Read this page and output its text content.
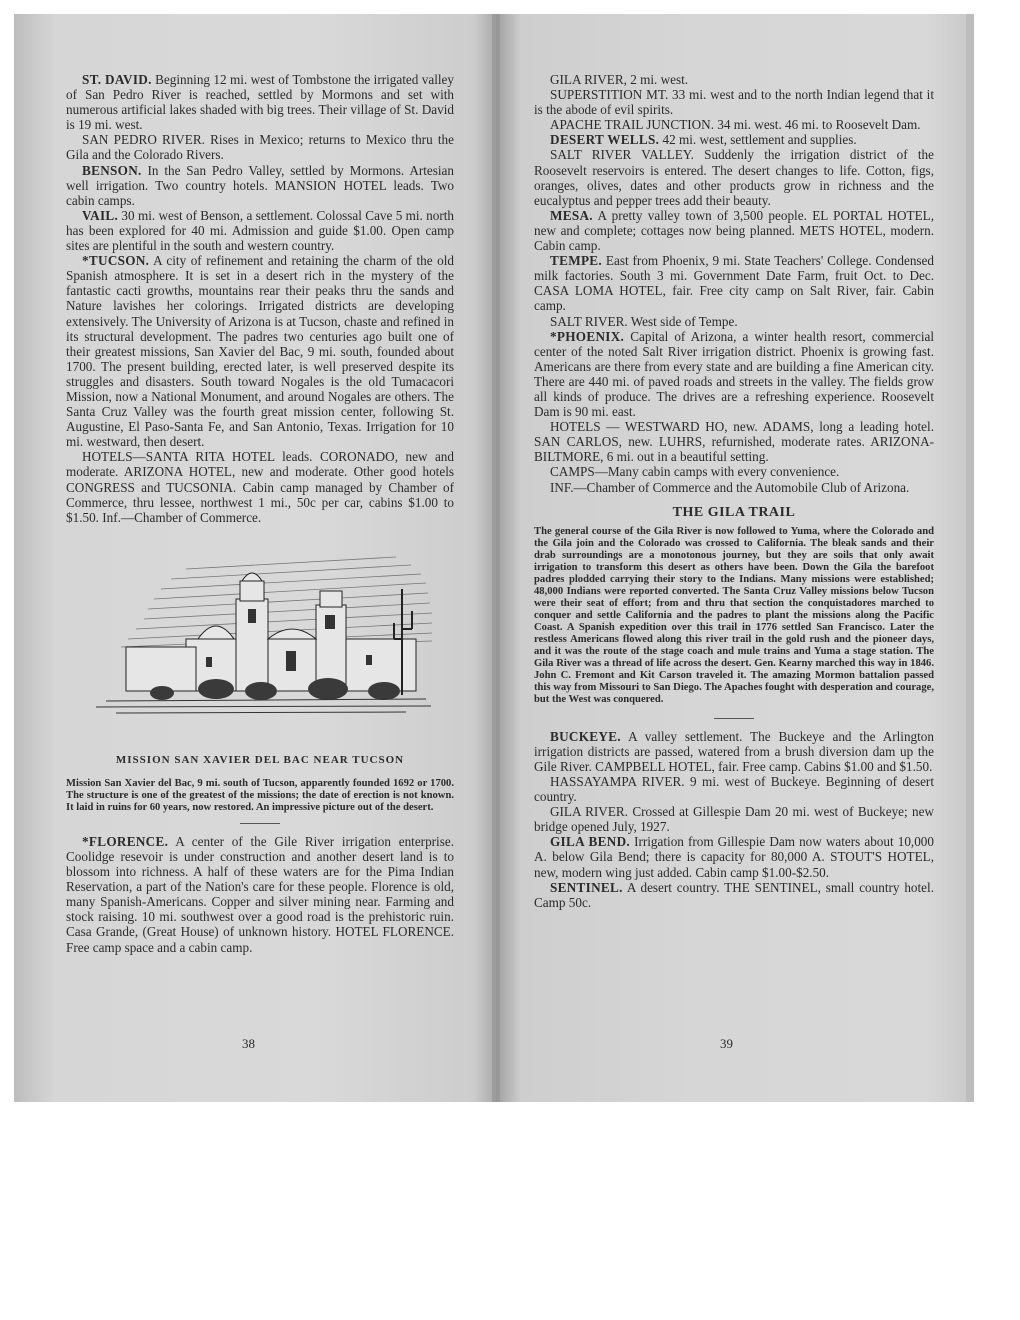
ST. DAVID. Beginning 12 mi. west of Tombstone the irrigated valley of San Pedro River is reached, settled by Mormons and set with numerous artificial lakes shaded with big trees. Their village of St. David is 19 mi. west.

SAN PEDRO RIVER. Rises in Mexico; returns to Mexico thru the Gila and the Colorado Rivers.

BENSON. In the San Pedro Valley, settled by Mormons. Artesian well irrigation. Two country hotels. MANSION HOTEL leads. Two cabin camps.

VAIL. 30 mi. west of Benson, a settlement. Colossal Cave 5 mi. north has been explored for 40 mi. Admission and guide $1.00. Open camp sites are plentiful in the south and western country.

*TUCSON. A city of refinement and retaining the charm of the old Spanish atmosphere. It is set in a desert rich in the mystery of the fantastic cacti growths, mountains rear their peaks thru the sands and Nature lavishes her colorings. Irrigated districts are developing extensively. The University of Arizona is at Tucson, chaste and refined in its structural development. The padres two centuries ago built one of their greatest missions, San Xavier del Bac, 9 mi. south, founded about 1700. The present building, erected later, is well preserved despite its struggles and disasters. South toward Nogales is the old Tumacacori Mission, now a National Monument, and around Nogales are others. The Santa Cruz Valley was the fourth great mission center, following St. Augustine, El Paso-Santa Fe, and San Antonio, Texas. Irrigation for 10 mi. westward, then desert.

HOTELS—SANTA RITA HOTEL leads. CORONADO, new and moderate. ARIZONA HOTEL, new and moderate. Other good hotels CONGRESS and TUCSONIA. Cabin camp managed by Chamber of Commerce, thru lessee, northwest 1 mi., 50c per car, cabins $1.00 to $1.50. Inf.—Chamber of Commerce.

MISSION SAN XAVIER DEL BAC NEAR TUCSON

Mission San Xavier del Bac, 9 mi. south of Tucson, apparently founded 1692 or 1700. The structure is one of the greatest of the missions; the date of erection is not known. It laid in ruins for 60 years, now restored. An impressive picture out of the desert.

*FLORENCE. A center of the Gile River irrigation enterprise. Coolidge resevoir is under construction and another desert land is to blossom into richness. A half of these waters are for the Pima Indian Reservation, a part of the Nation's care for these people. Florence is old, many Spanish-Americans. Copper and silver mining near. Farming and stock raising. 10 mi. southwest over a good road is the prehistoric ruin. Casa Grande, (Great House) of unknown history. HOTEL FLORENCE. Free camp space and a cabin camp.

38

GILA RIVER, 2 mi. west.

SUPERSTITION MT. 33 mi. west and to the north Indian legend that it is the abode of evil spirits.

APACHE TRAIL JUNCTION. 34 mi. west. 46 mi. to Roosevelt Dam.

DESERT WELLS. 42 mi. west, settlement and supplies.

SALT RIVER VALLEY. Suddenly the irrigation district of the Roosevelt reservoirs is entered. The desert changes to life. Cotton, figs, oranges, olives, dates and other products grow in richness and the eucalyptus and pepper trees add their beauty.

MESA. A pretty valley town of 3,500 people. EL PORTAL HOTEL, new and complete; cottages now being planned. METS HOTEL, modern. Cabin camp.

TEMPE. East from Phoenix, 9 mi. State Teachers' College. Condensed milk factories. South 3 mi. Government Date Farm, fruit Oct. to Dec. CASA LOMA HOTEL, fair. Free city camp on Salt River, fair. Cabin camp.

SALT RIVER. West side of Tempe.

*PHOENIX. Capital of Arizona, a winter health resort, commercial center of the noted Salt River irrigation district. Phoenix is growing fast. Americans are there from every state and are building a fine American city. There are 440 mi. of paved roads and streets in the valley. The fields grow all kinds of produce. The drives are a refreshing experience. Roosevelt Dam is 90 mi. east.

HOTELS — WESTWARD HO, new. ADAMS, long a leading hotel. SAN CARLOS, new. LUHRS, refurnished, moderate rates. ARIZONA-BILTMORE, 6 mi. out in a beautiful setting.

CAMPS—Many cabin camps with every convenience.

INF.—Chamber of Commerce and the Automobile Club of Arizona.

THE GILA TRAIL

The general course of the Gila River is now followed to Yuma, where the Colorado and the Gila join and the Colorado was crossed to California. The bleak sands and their drab surroundings are a monotonous journey, but they are soils that only await irrigation to transform this desert as others have been. Down the Gila the barefoot padres plodded carrying their story to the Indians. Many missions were established; 48,000 Indians were reported converted. The Santa Cruz Valley missions below Tucson were their seat of effort; from and thru that section the conquistadores marched to conquer and settle California and the padres to plant the missions along the Pacific Coast. A Spanish expedition over this trail in 1776 settled San Francisco. Later the restless Americans flowed along this river trail in the gold rush and the pioneer days, and it was the route of the stage coach and mule trains and Yuma a stage station. The Gila River was a thread of life across the desert. Gen. Kearny marched this way in 1846. John C. Fremont and Kit Carson traveled it. The amazing Mormon battalion passed this way from Missouri to San Diego. The Apaches fought with desperation and courage, but the West was conquered.

BUCKEYE. A valley settlement. The Buckeye and the Arlington irrigation districts are passed, watered from a brush diversion dam up the Gile River. CAMPBELL HOTEL, fair. Free camp. Cabins $1.00 and $1.50.

HASSAYAMPA RIVER. 9 mi. west of Buckeye. Beginning of desert country.

GILA RIVER. Crossed at Gillespie Dam 20 mi. west of Buckeye; new bridge opened July, 1927.

GILA BEND. Irrigation from Gillespie Dam now waters about 10,000 A. below Gila Bend; there is capacity for 80,000 A. STOUT'S HOTEL, new, modern wing just added. Cabin camp $1.00-$2.50.

SENTINEL. A desert country. THE SENTINEL, small country hotel. Camp 50c.

39
